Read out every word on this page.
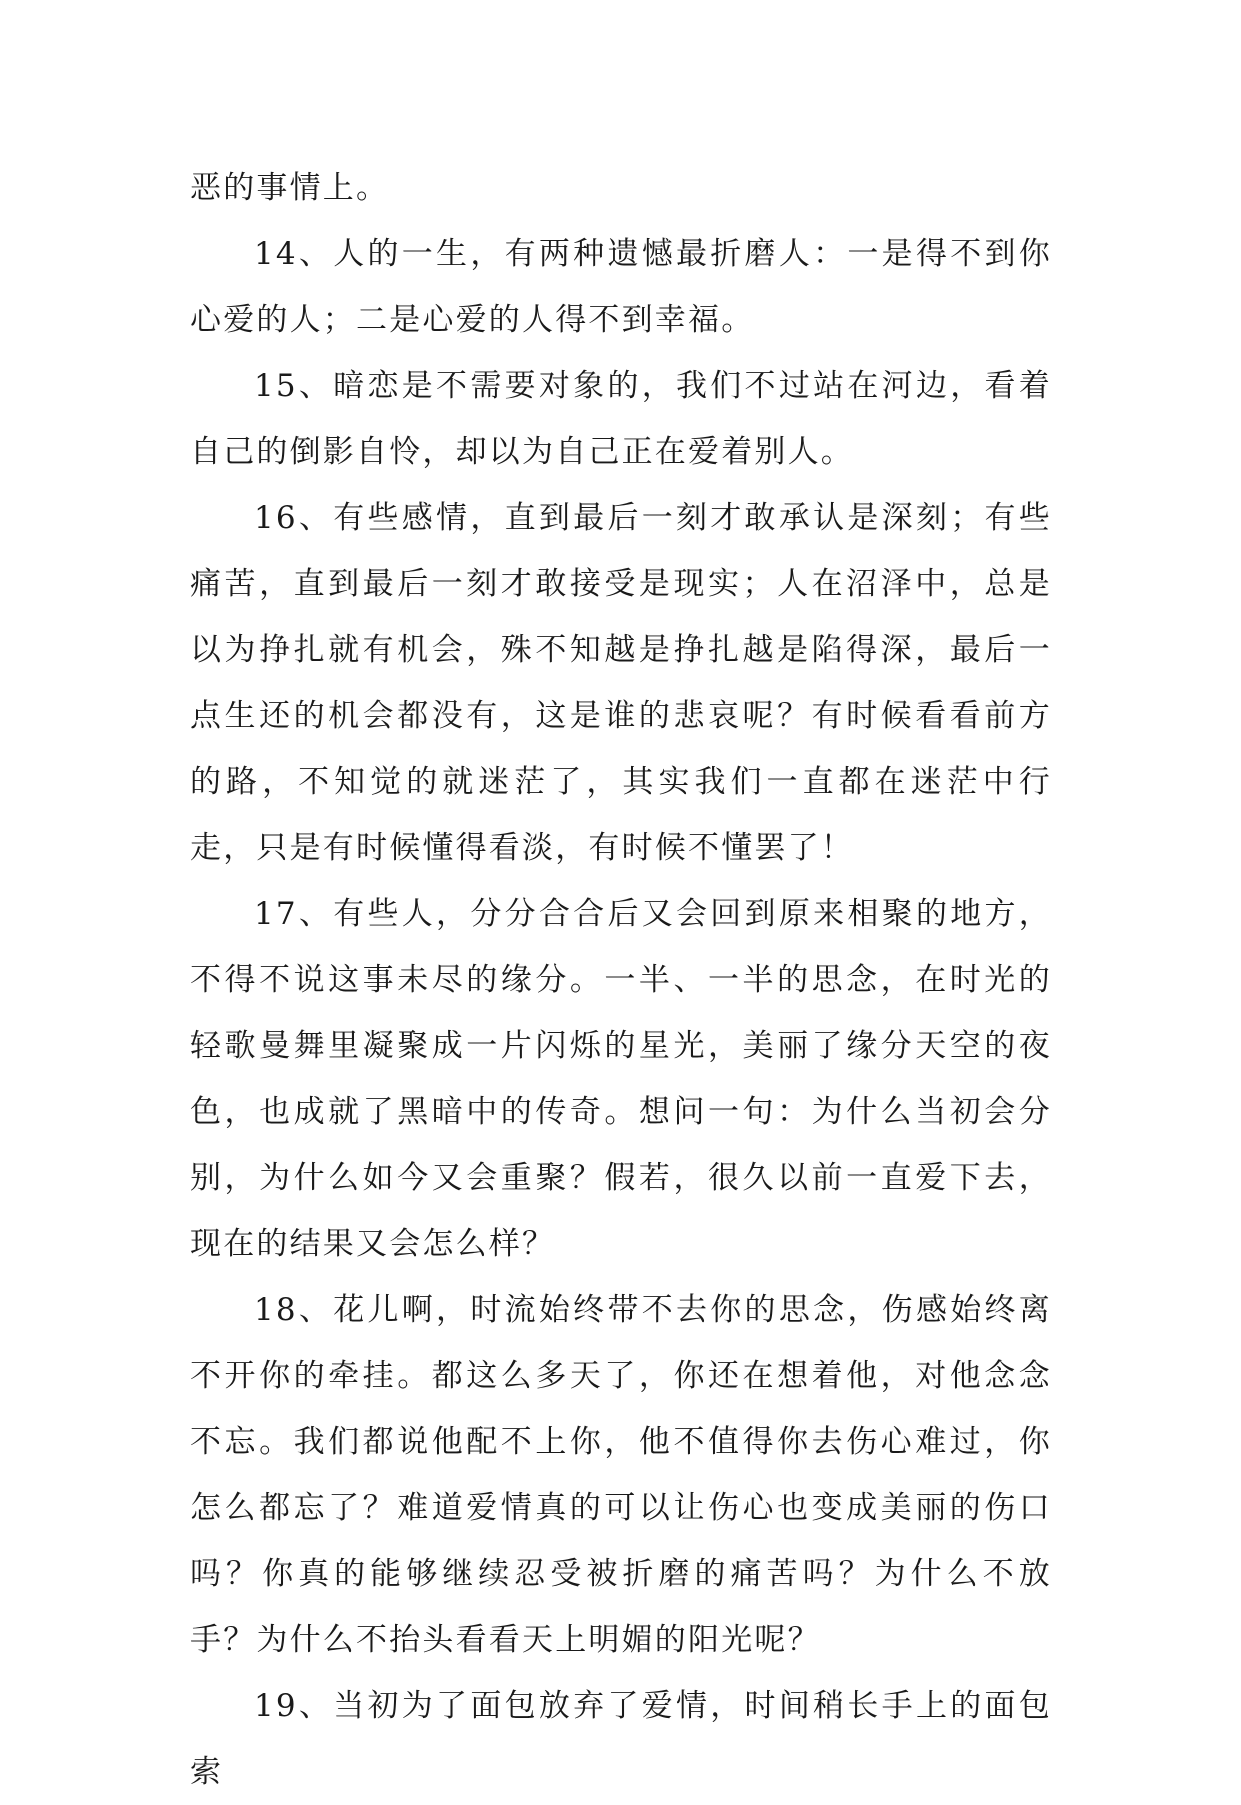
恶的事情上。

14、人的一生，有两种遗憾最折磨人：一是得不到你心爱的人；二是心爱的人得不到幸福。

15、暗恋是不需要对象的，我们不过站在河边，看着自己的倒影自怜，却以为自己正在爱着别人。

16、有些感情，直到最后一刻才敢承认是深刻；有些痛苦，直到最后一刻才敢接受是现实；人在沼泽中，总是以为挣扎就有机会，殊不知越是挣扎越是陷得深，最后一点生还的机会都没有，这是谁的悲哀呢？有时候看看前方的路，不知觉的就迷茫了，其实我们一直都在迷茫中行走，只是有时候懂得看淡，有时候不懂罢了！

17、有些人，分分合合后又会回到原来相聚的地方，不得不说这事未尽的缘分。一半、一半的思念，在时光的轻歌曼舞里凝聚成一片闪烁的星光，美丽了缘分天空的夜色，也成就了黑暗中的传奇。想问一句：为什么当初会分别，为什么如今又会重聚？假若，很久以前一直爱下去，现在的结果又会怎么样？

18、花儿啊，时流始终带不去你的思念，伤感始终离不开你的牵挂。都这么多天了，你还在想着他，对他念念不忘。我们都说他配不上你，他不值得你去伤心难过，你怎么都忘了？难道爱情真的可以让伤心也变成美丽的伤口吗？你真的能够继续忍受被折磨的痛苦吗？为什么不放手？为什么不抬头看看天上明媚的阳光呢？

19、当初为了面包放弃了爱情，时间稍长手上的面包索
